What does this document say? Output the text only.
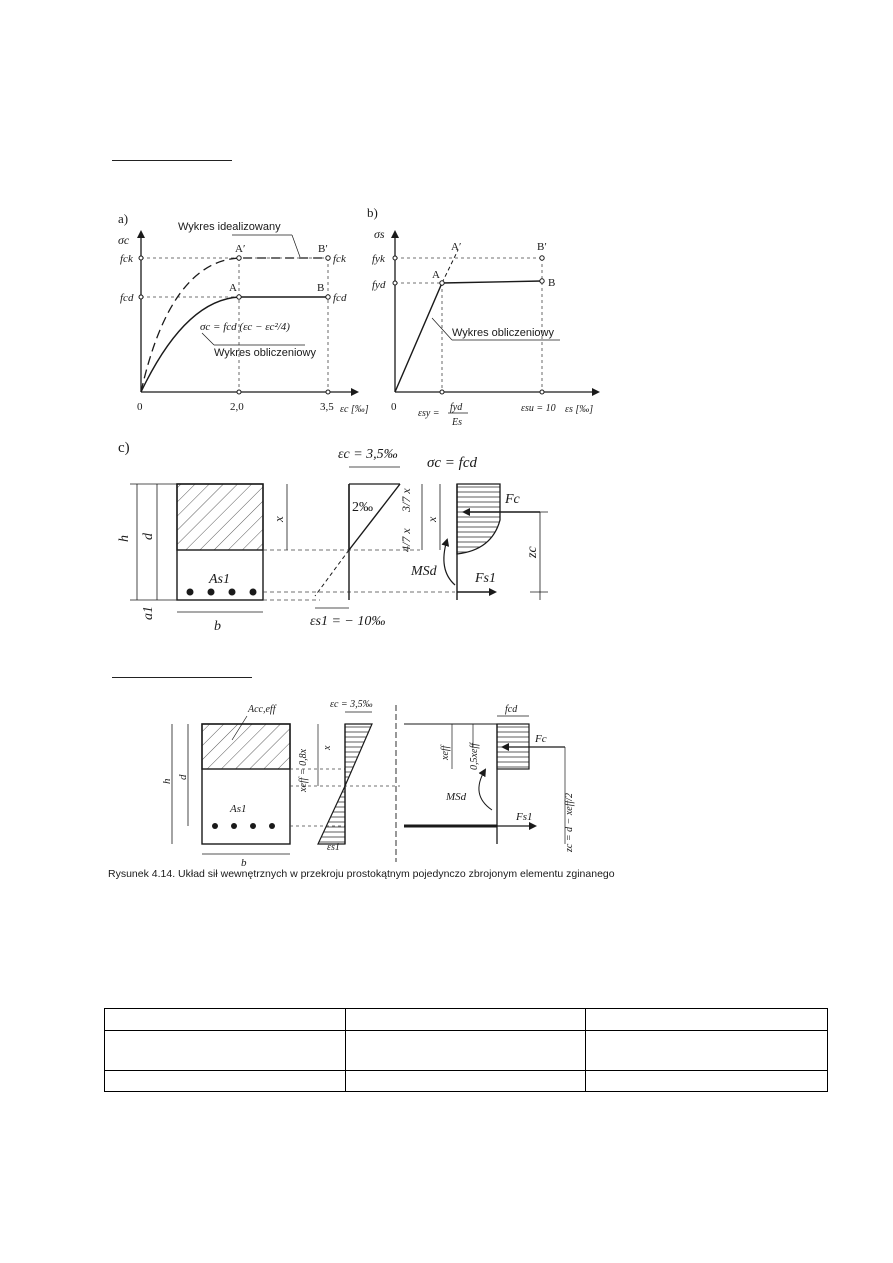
a)
σc
Wykres idealizowany
fck
fcd
fck
fcd
A′	B′
A	B
σc = fcd (εc − εc²/4)
Wykres obliczeniowy
0	2,0	3,5 εc [‰]
b)
σs
fyk
fyd
A′	B′
A
B
Wykres obliczeniowy
0
εsy =
fyd
Es
εsu = 10 εs [‰]
c)
As1
h d
a1
b
x
2‰
εc = 3,5‰
εs1 = − 10‰
3/7 x
4/7 x
x
σc = fcd
Fc
Fs1
MSd
zc
As1
Acc,eff
h
d
b
xeff = 0,8x
x
εc = 3,5‰
εs1
fcd
Fc
Fs1
MSd
xeff 0,5xeff
zc = d − xeff/2
Rysunek 4.14. Układ sił wewnętrznych w przekroju prostokątnym pojedynczo zbrojonym elementu zginanego
